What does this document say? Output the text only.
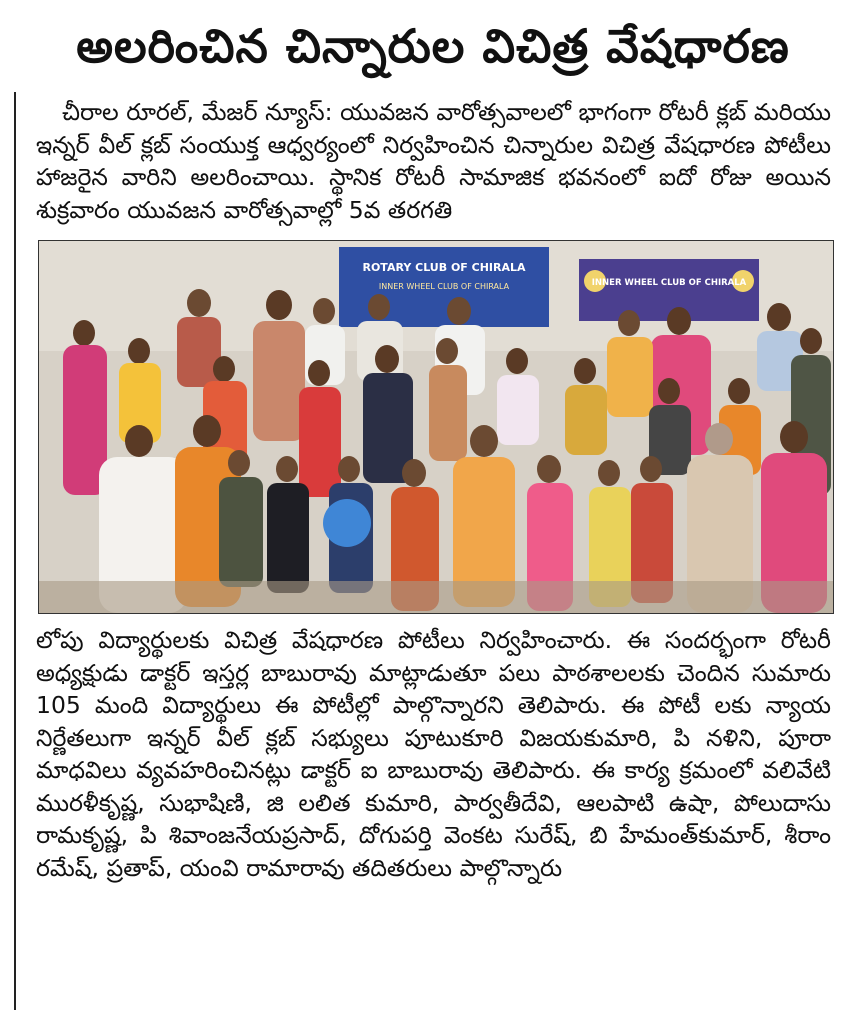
అలరించిన చిన్నారుల విచిత్ర వేషధారణ

చీరాల రూరల్, మేజర్ న్యూస్: యువజన వారోత్సవాలలో భాగంగా రోటరీ క్లబ్ మరియు ఇన్నర్ వీల్ క్లబ్ సంయుక్త ఆధ్వర్యంలో నిర్వహించిన చిన్నారుల విచిత్ర వేషధారణ పోటీలు హాజరైన వారిని అలరించాయి. స్థానిక రోటరీ సామాజిక భవనంలో ఐదో రోజు అయిన శుక్రవారం యువజన వారోత్సవాల్లో 5వ తరగతి

ROTARY CLUB OF CHIRALA
INNER WHEEL CLUB OF CHIRALA	INNER WHEEL CLUB OF CHIRALA

లోపు విద్యార్థులకు విచిత్ర వేషధారణ పోటీలు నిర్వహించారు. ఈ సందర్భంగా రోటరీ అధ్యక్షుడు డాక్టర్ ఇస్తర్ల బాబురావు మాట్లాడుతూ పలు పాఠశాలలకు చెందిన సుమారు 105 మంది విద్యార్థులు ఈ పోటీల్లో పాల్గొన్నారని తెలిపారు. ఈ పోటీ లకు న్యాయ నిర్ణేతలుగా ఇన్నర్ వీల్ క్లబ్ సభ్యులు పూటుకూరి విజయకుమారి, పి నళిని, పూరా మాధవిలు వ్యవహరించినట్లు డాక్టర్ ఐ బాబురావు తెలిపారు. ఈ కార్య క్రమంలో వలివేటి మురళీకృష్ణ, సుభాషిణి, జి లలిత కుమారి, పార్వతీదేవి, ఆలపాటి ఉషా, పోలుదాసు రామకృష్ణ, పి శివాంజనేయప్రసాద్, దోగుపర్తి వెంకట సురేష్, బి హేమంత్‌కుమార్, శీరాం రమేష్, ప్రతాప్, యంవి రామారావు తదితరులు పాల్గొన్నారు
